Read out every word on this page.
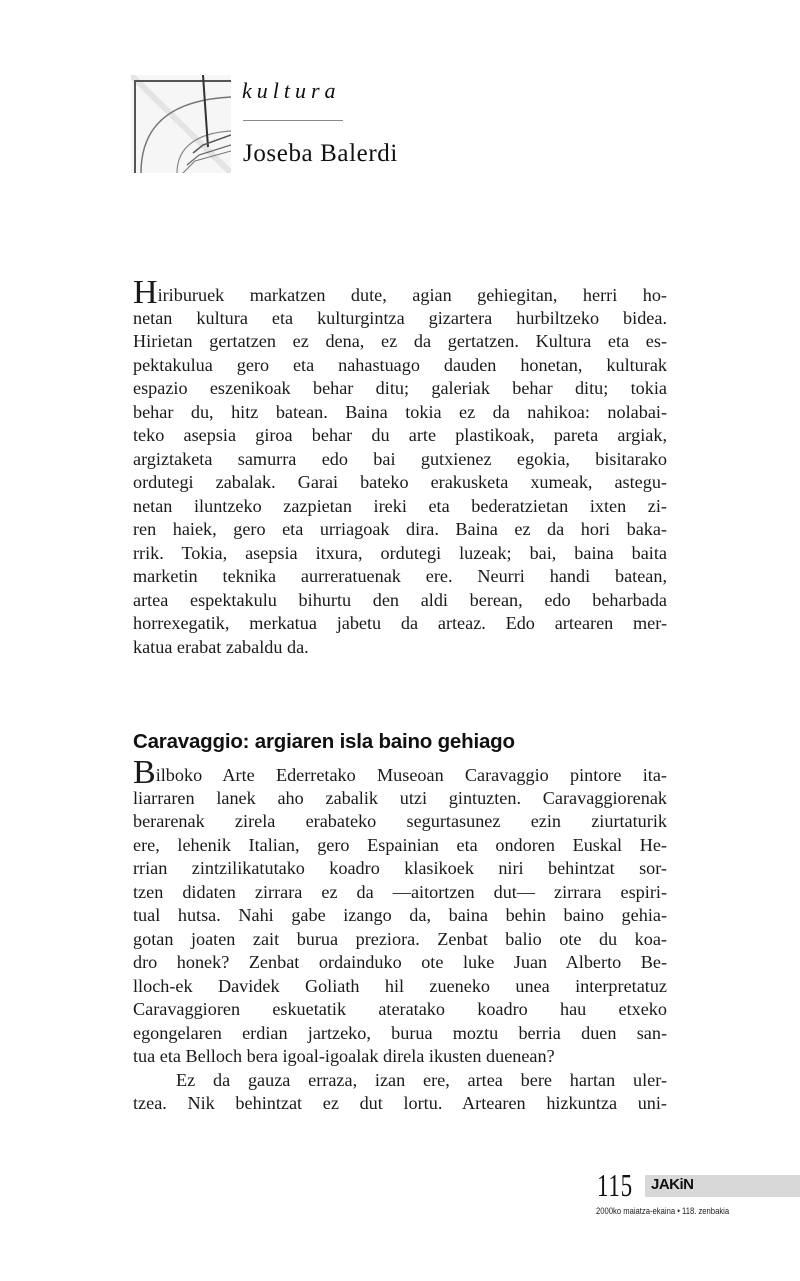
kultura
Joseba Balerdi
Hiriburuek markatzen dute, agian gehiegitan, herri ho-
netan kultura eta kulturgintza gizartera hurbiltzeko bidea.
Hirietan gertatzen ez dena, ez da gertatzen. Kultura eta es-
pektakulua gero eta nahastuago dauden honetan, kulturak
espazio eszenikoak behar ditu; galeriak behar ditu; tokia
behar du, hitz batean. Baina tokia ez da nahikoa: nolabai-
teko asepsia giroa behar du arte plastikoak, pareta argiak,
argiztaketa samurra edo bai gutxienez egokia, bisitarako
ordutegi zabalak. Garai bateko erakusketa xumeak, astegu-
netan iluntzeko zazpietan ireki eta bederatzietan ixten zi-
ren haiek, gero eta urriagoak dira. Baina ez da hori baka-
rrik. Tokia, asepsia itxura, ordutegi luzeak; bai, baina baita
marketin teknika aurreratuenak ere. Neurri handi batean,
artea espektakulu bihurtu den aldi berean, edo beharbada
horrexegatik, merkatua jabetu da arteaz. Edo artearen mer-
katua erabat zabaldu da.
Caravaggio: argiaren isla baino gehiago
Bilboko Arte Ederretako Museoan Caravaggio pintore ita-
liarraren lanek aho zabalik utzi gintuzten. Caravaggiorenak
berarenak zirela erabateko segurtasunez ezin ziurtaturik
ere, lehenik Italian, gero Espainian eta ondoren Euskal He-
rrian zintzilikatutako koadro klasikoek niri behintzat sor-
tzen didaten zirrara ez da —aitortzen dut— zirrara espiri-
tual hutsa. Nahi gabe izango da, baina behin baino gehia-
gotan joaten zait burua preziora. Zenbat balio ote du koa-
dro honek? Zenbat ordainduko ote luke Juan Alberto Be-
lloch-ek Davidek Goliath hil zueneko unea interpretatuz
Caravaggioren eskuetatik ateratako koadro hau etxeko
egongelaren erdian jartzeko, burua moztu berria duen san-
tua eta Belloch bera igoal-igoalak direla ikusten duenean?
Ez da gauza erraza, izan ere, artea bere hartan uler-
tzea. Nik behintzat ez dut lortu. Artearen hizkuntza uni-
115 JAKiN
2000ko maiatza-ekaina • 118. zenbakia
